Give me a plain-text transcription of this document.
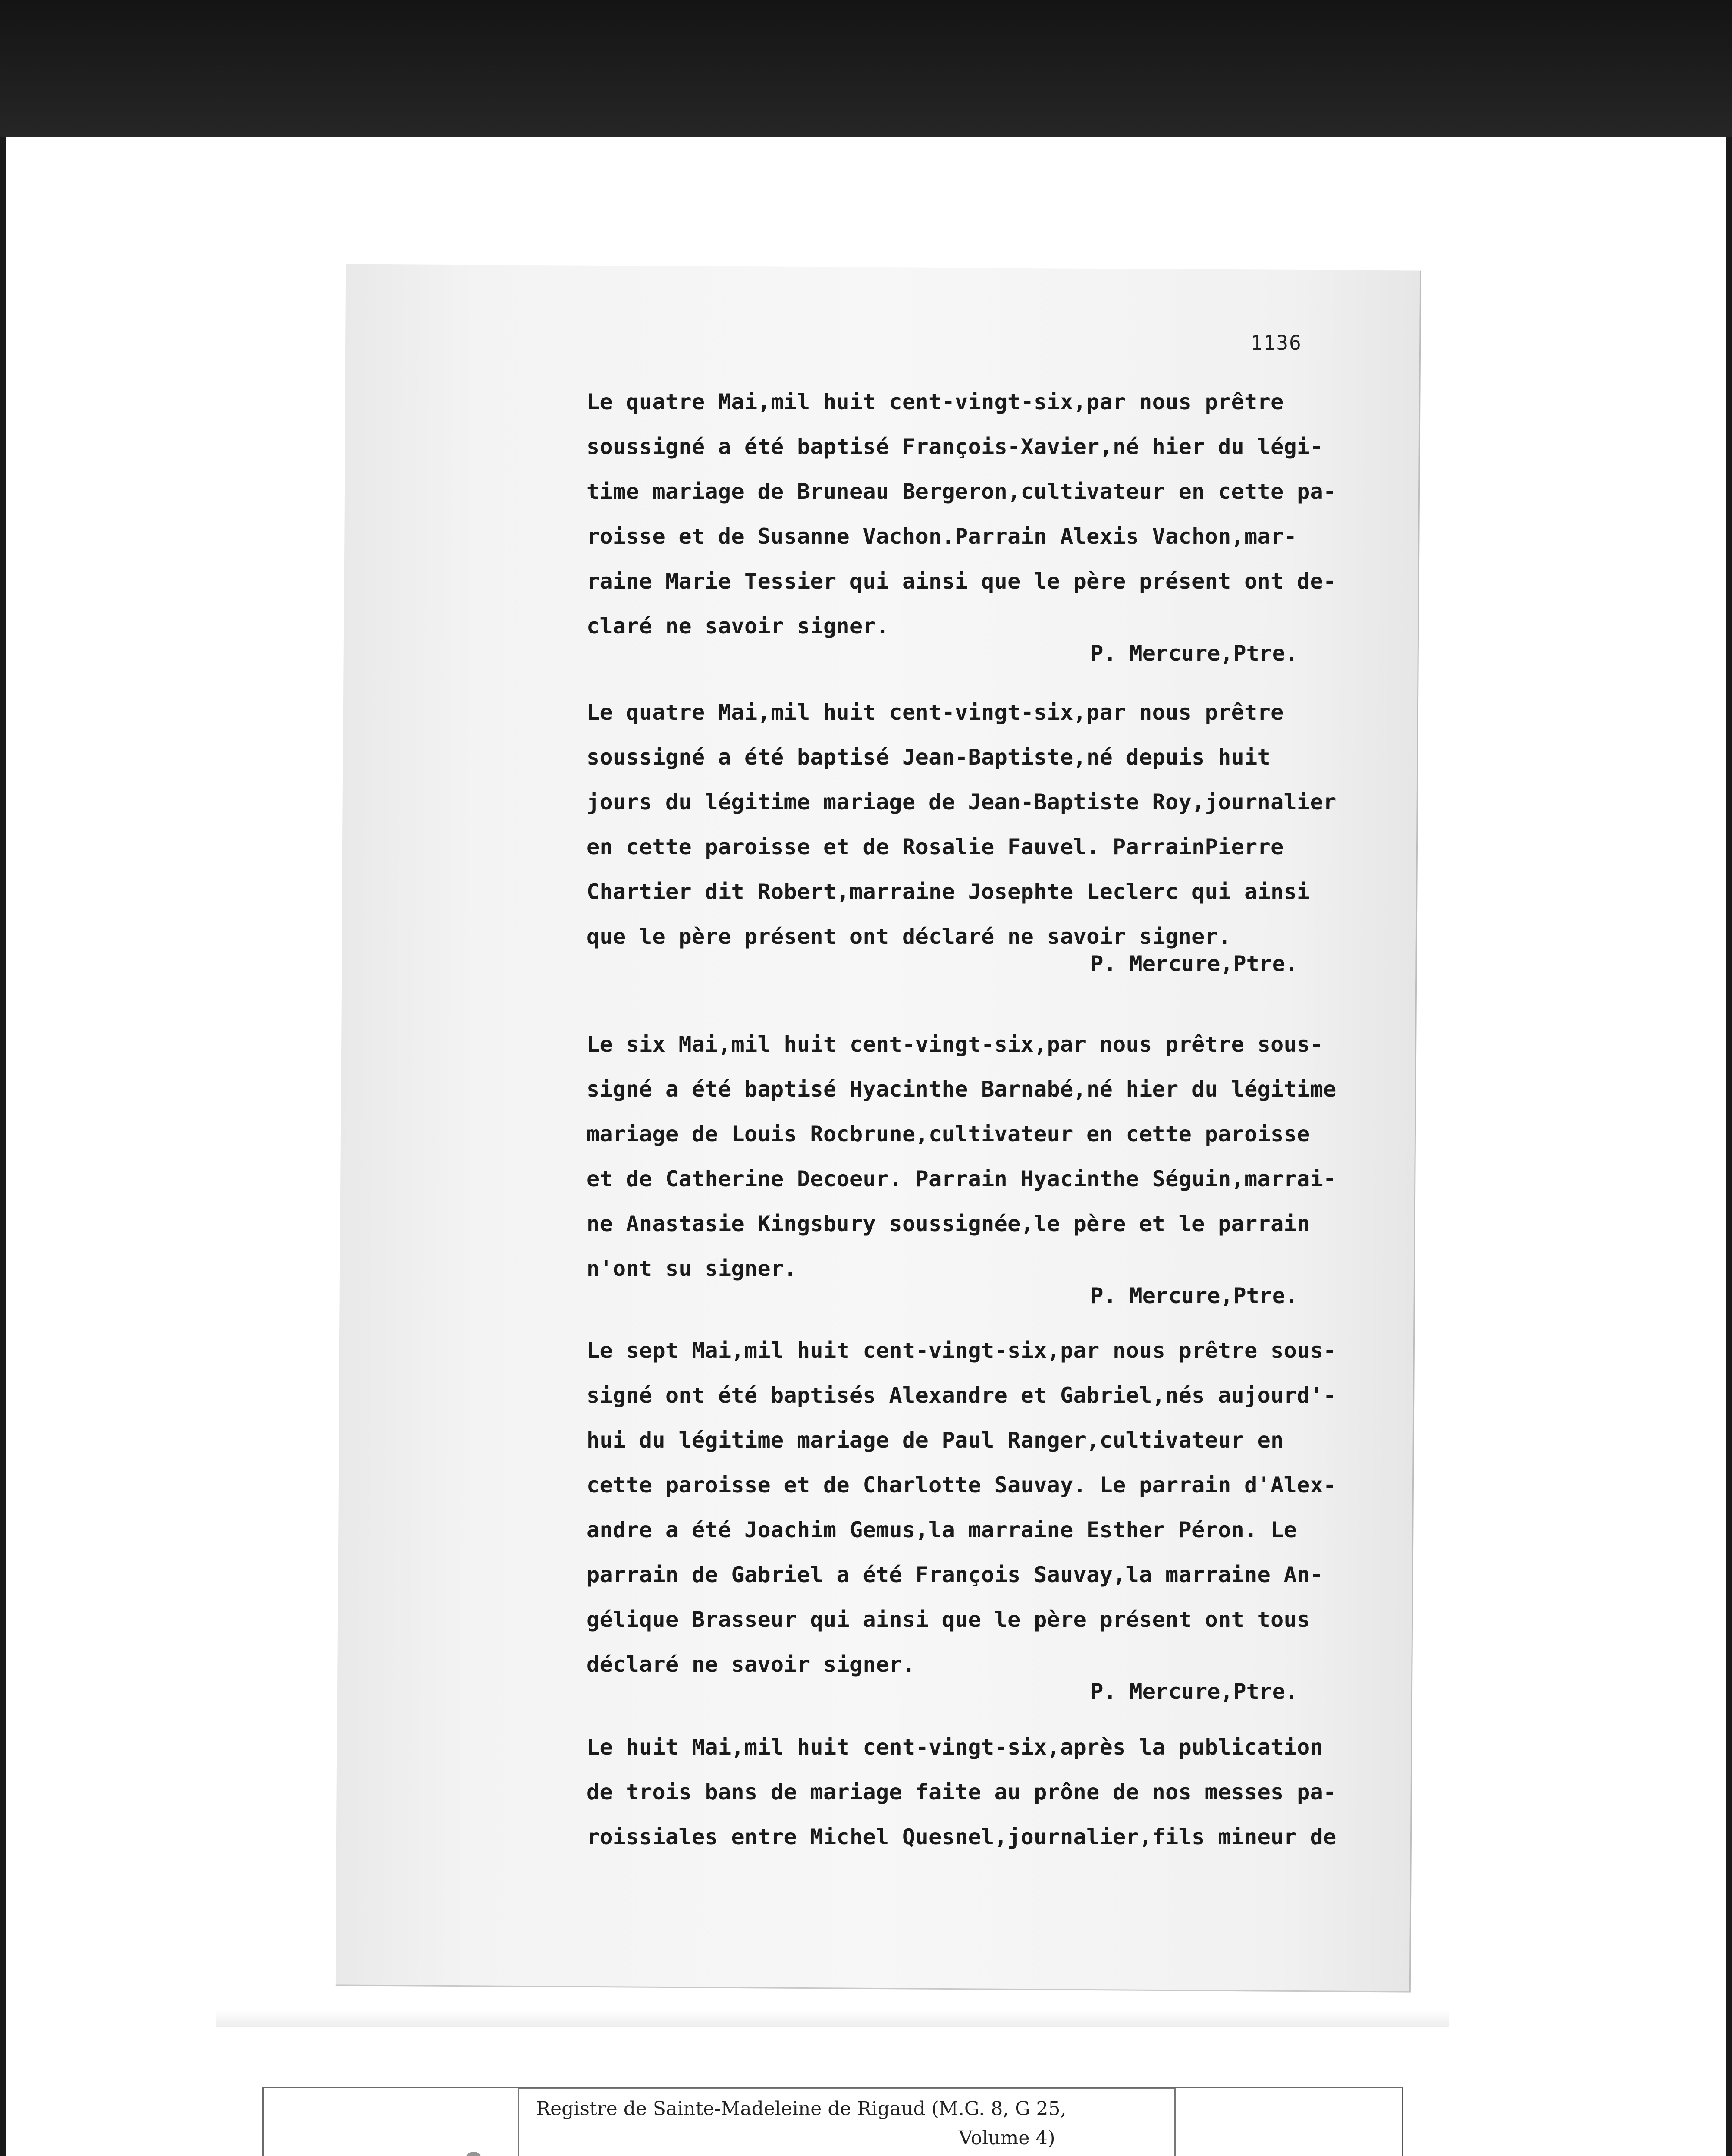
1136
Le quatre Mai,mil huit cent-vingt-six,par nous prêtre
soussigné a été baptisé François-Xavier,né hier du légi-
time mariage de Bruneau Bergeron,cultivateur en cette pa-
roisse et de Susanne Vachon.Parrain Alexis Vachon,mar-
raine Marie Tessier qui ainsi que le père présent ont de-
claré ne savoir signer.
P. Mercure,Ptre.
Le quatre Mai,mil huit cent-vingt-six,par nous prêtre
soussigné a été baptisé Jean-Baptiste,né depuis huit
jours du légitime mariage de Jean-Baptiste Roy,journalier
en cette paroisse et de Rosalie Fauvel. ParrainPierre
Chartier dit Robert,marraine Josephte Leclerc qui ainsi
que le père présent ont déclaré ne savoir signer.
P. Mercure,Ptre.
Le six Mai,mil huit cent-vingt-six,par nous prêtre sous-
signé a été baptisé Hyacinthe Barnabé,né hier du légitime
mariage de Louis Rocbrune,cultivateur en cette paroisse
et de Catherine Decoeur. Parrain Hyacinthe Séguin,marrai-
ne Anastasie Kingsbury soussignée,le père et le parrain
n'ont su signer.
P. Mercure,Ptre.
Le sept Mai,mil huit cent-vingt-six,par nous prêtre sous-
signé ont été baptisés Alexandre et Gabriel,nés aujourd'-
hui du légitime mariage de Paul Ranger,cultivateur en
cette paroisse et de Charlotte Sauvay. Le parrain d'Alex-
andre a été Joachim Gemus,la marraine Esther Péron. Le
parrain de Gabriel a été François Sauvay,la marraine An-
gélique Brasseur qui ainsi que le père présent ont tous
déclaré ne savoir signer.
P. Mercure,Ptre.
Le huit Mai,mil huit cent-vingt-six,après la publication
de trois bans de mariage faite au prône de nos messes pa-
roissiales entre Michel Quesnel,journalier,fils mineur de
Registre de Sainte-Madeleine de Rigaud (M.G. 8, G 25,
Volume 4)
